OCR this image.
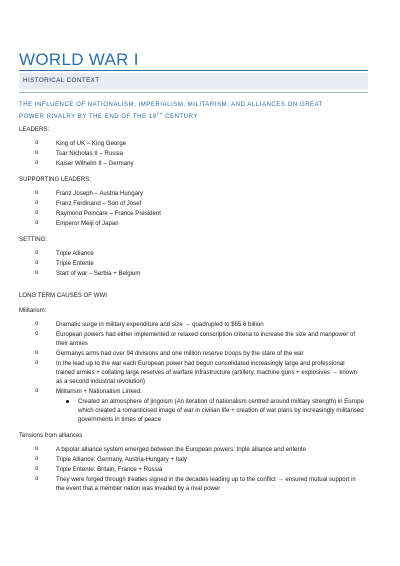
WORLD WAR I
HISTORICAL CONTEXT
THE INFLUENCE OF NATIONALISM, IMPERIALISM, MILITARISM, AND ALLIANCES ON GREAT POWER RIVALRY BY THE END OF THE 19TH CENTURY

LEADERS:

o King of UK – King George
o Tsar Nicholas II – Russia
o Kaiser Wilhelm II – Germany

SUPPORTING LEADERS:

o Franz Joseph – Austria Hungary
o Franz Ferdinand – Son of Josef
o Raymond Poincare – France President
o Emperor Meiji of Japan

SETTING:

o Triple Alliance
o Triple Entente
o Start of war – Serbia + Belgium

LONG TERM CAUSES OF WWI

Militarism:

o Dramatic surge in military expenditure and size → quadrupled to $65.6 billion
o European powers had either implemented or relaxed conscription criteria to increase the size and manpower of their armies
o Germanys arms had over 94 divisions and one million reserve troops by the stare of the war
o In the lead up to the war each European power had begun consolidated increasingly large and professional trained armies + collating large reserves of warfare infrastructure (artillery, machine guns + explosives → known as a second industrial revolution)
o Militarism + Nationalism Linked:
Created an atmosphere of jingoism (An iteration of nationalism centred around military strength) in Europe which created a romanticised image of war in civilian life + creation of war plans by increasingly militarised governments in times of peace

Tensions from alliances

o A bipolar alliance system emerged between the European powers: triple alliance and entente
o Triple Alliance: Germany, Austria-Hungary + Italy
o Triple Entente: Britain, France + Russia
o They were forged through treaties signed in the decades leading up to the conflict → ensured mutual support in the event that a member nation was invaded by a rival power
